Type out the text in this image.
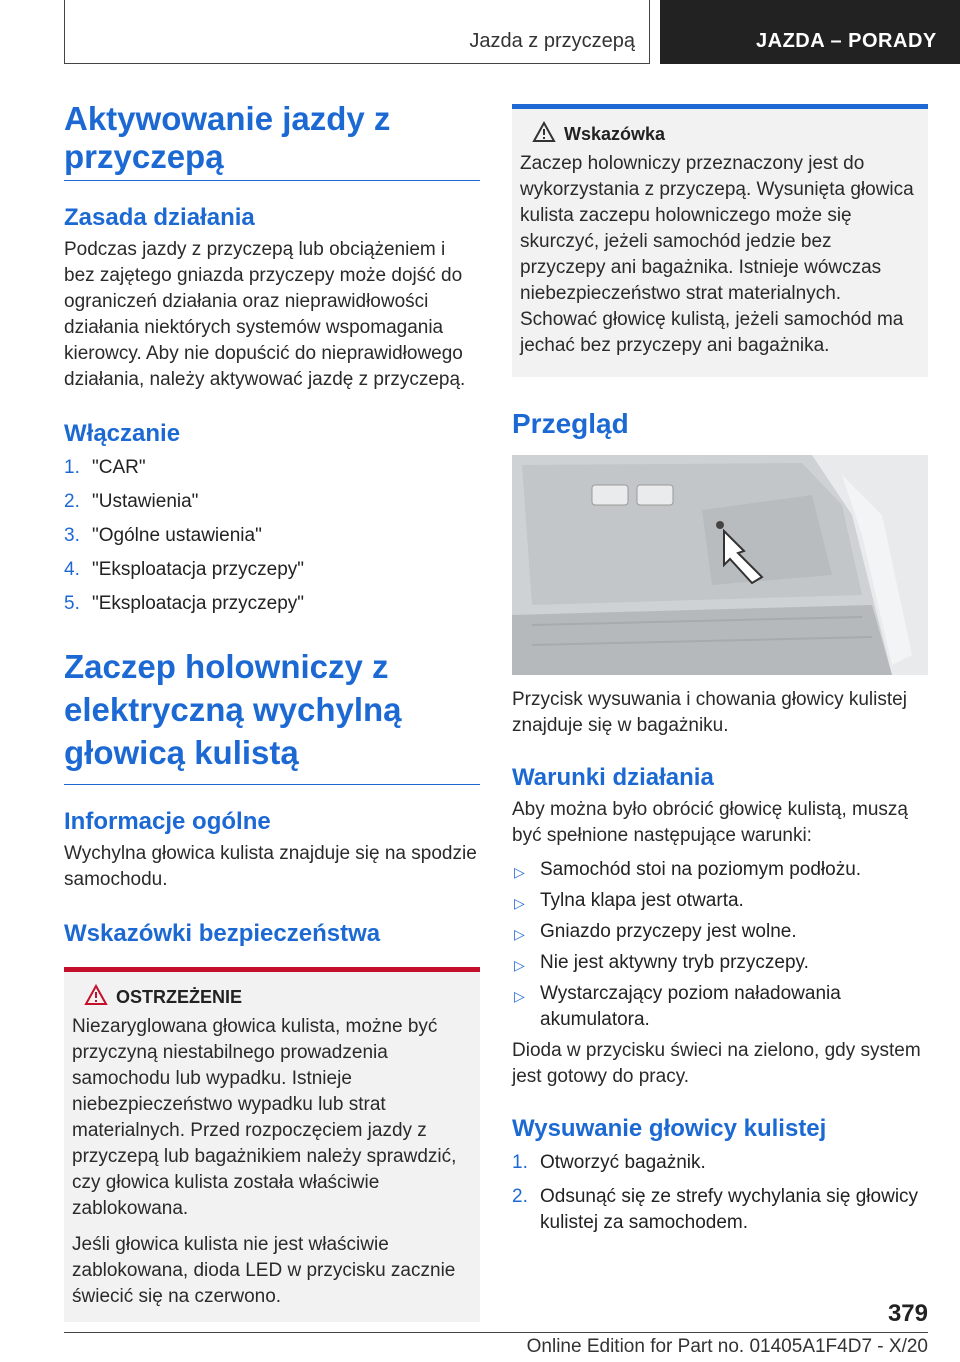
Jazda z przyczepą	JAZDA – PORADY
Aktywowanie jazdy z przyczepą
Zasada działania

Podczas jazdy z przyczepą lub obciążeniem i bez zajętego gniazda przyczepy może dojść do ograniczeń działania oraz nieprawidłowości działania niektórych systemów wspomagania kierowcy. Aby nie dopuścić do nieprawidłowego działania, należy aktywować jazdę z przyczepą.

Włączanie
1. "CAR"
2. "Ustawienia"
3. "Ogólne ustawienia"
4. "Eksploatacja przyczepy"
5. "Eksploatacja przyczepy"
Zaczep holowniczy z elektryczną wychylną głowicą kulistą
Informacje ogólne

Wychylna głowica kulista znajduje się na spodzie samochodu.

Wskazówki bezpieczeństwa
OSTRZEŻENIE

Niezaryglowana głowica kulista, możne być przyczyną niestabilnego prowadzenia samochodu lub wypadku. Istnieje niebezpieczeństwo wypadku lub strat materialnych. Przed rozpoczęciem jazdy z przyczepą lub bagażnikiem należy sprawdzić, czy głowica kulista została właściwie zablokowana.

Jeśli głowica kulista nie jest właściwie zablokowana, dioda LED w przycisku zacznie świecić się na czerwono.

Wskazówka

Zaczep holowniczy przeznaczony jest do wykorzystania z przyczepą. Wysunięta głowica kulista zaczepu holowniczego może się skurczyć, jeżeli samochód jedzie bez przyczepy ani bagażnika. Istnieje wówczas niebezpieczeństwo strat materialnych. Schować głowicę kulistą, jeżeli samochód ma jechać bez przyczepy ani bagażnika.

Przegląd

Przycisk wysuwania i chowania głowicy kulistej znajduje się w bagażniku.

Warunki działania

Aby można było obrócić głowicę kulistą, muszą być spełnione następujące warunki:

▷ Samochód stoi na poziomym podłożu.
▷ Tylna klapa jest otwarta.
▷ Gniazdo przyczepy jest wolne.
▷ Nie jest aktywny tryb przyczepy.
▷ Wystarczający poziom naładowania akumulatora.

Dioda w przycisku świeci na zielono, gdy system jest gotowy do pracy.

Wysuwanie głowicy kulistej
1. Otworzyć bagażnik.
2. Odsunąć się ze strefy wychylania się głowicy kulistej za samochodem.
379
Online Edition for Part no. 01405A1F4D7 - X/20
